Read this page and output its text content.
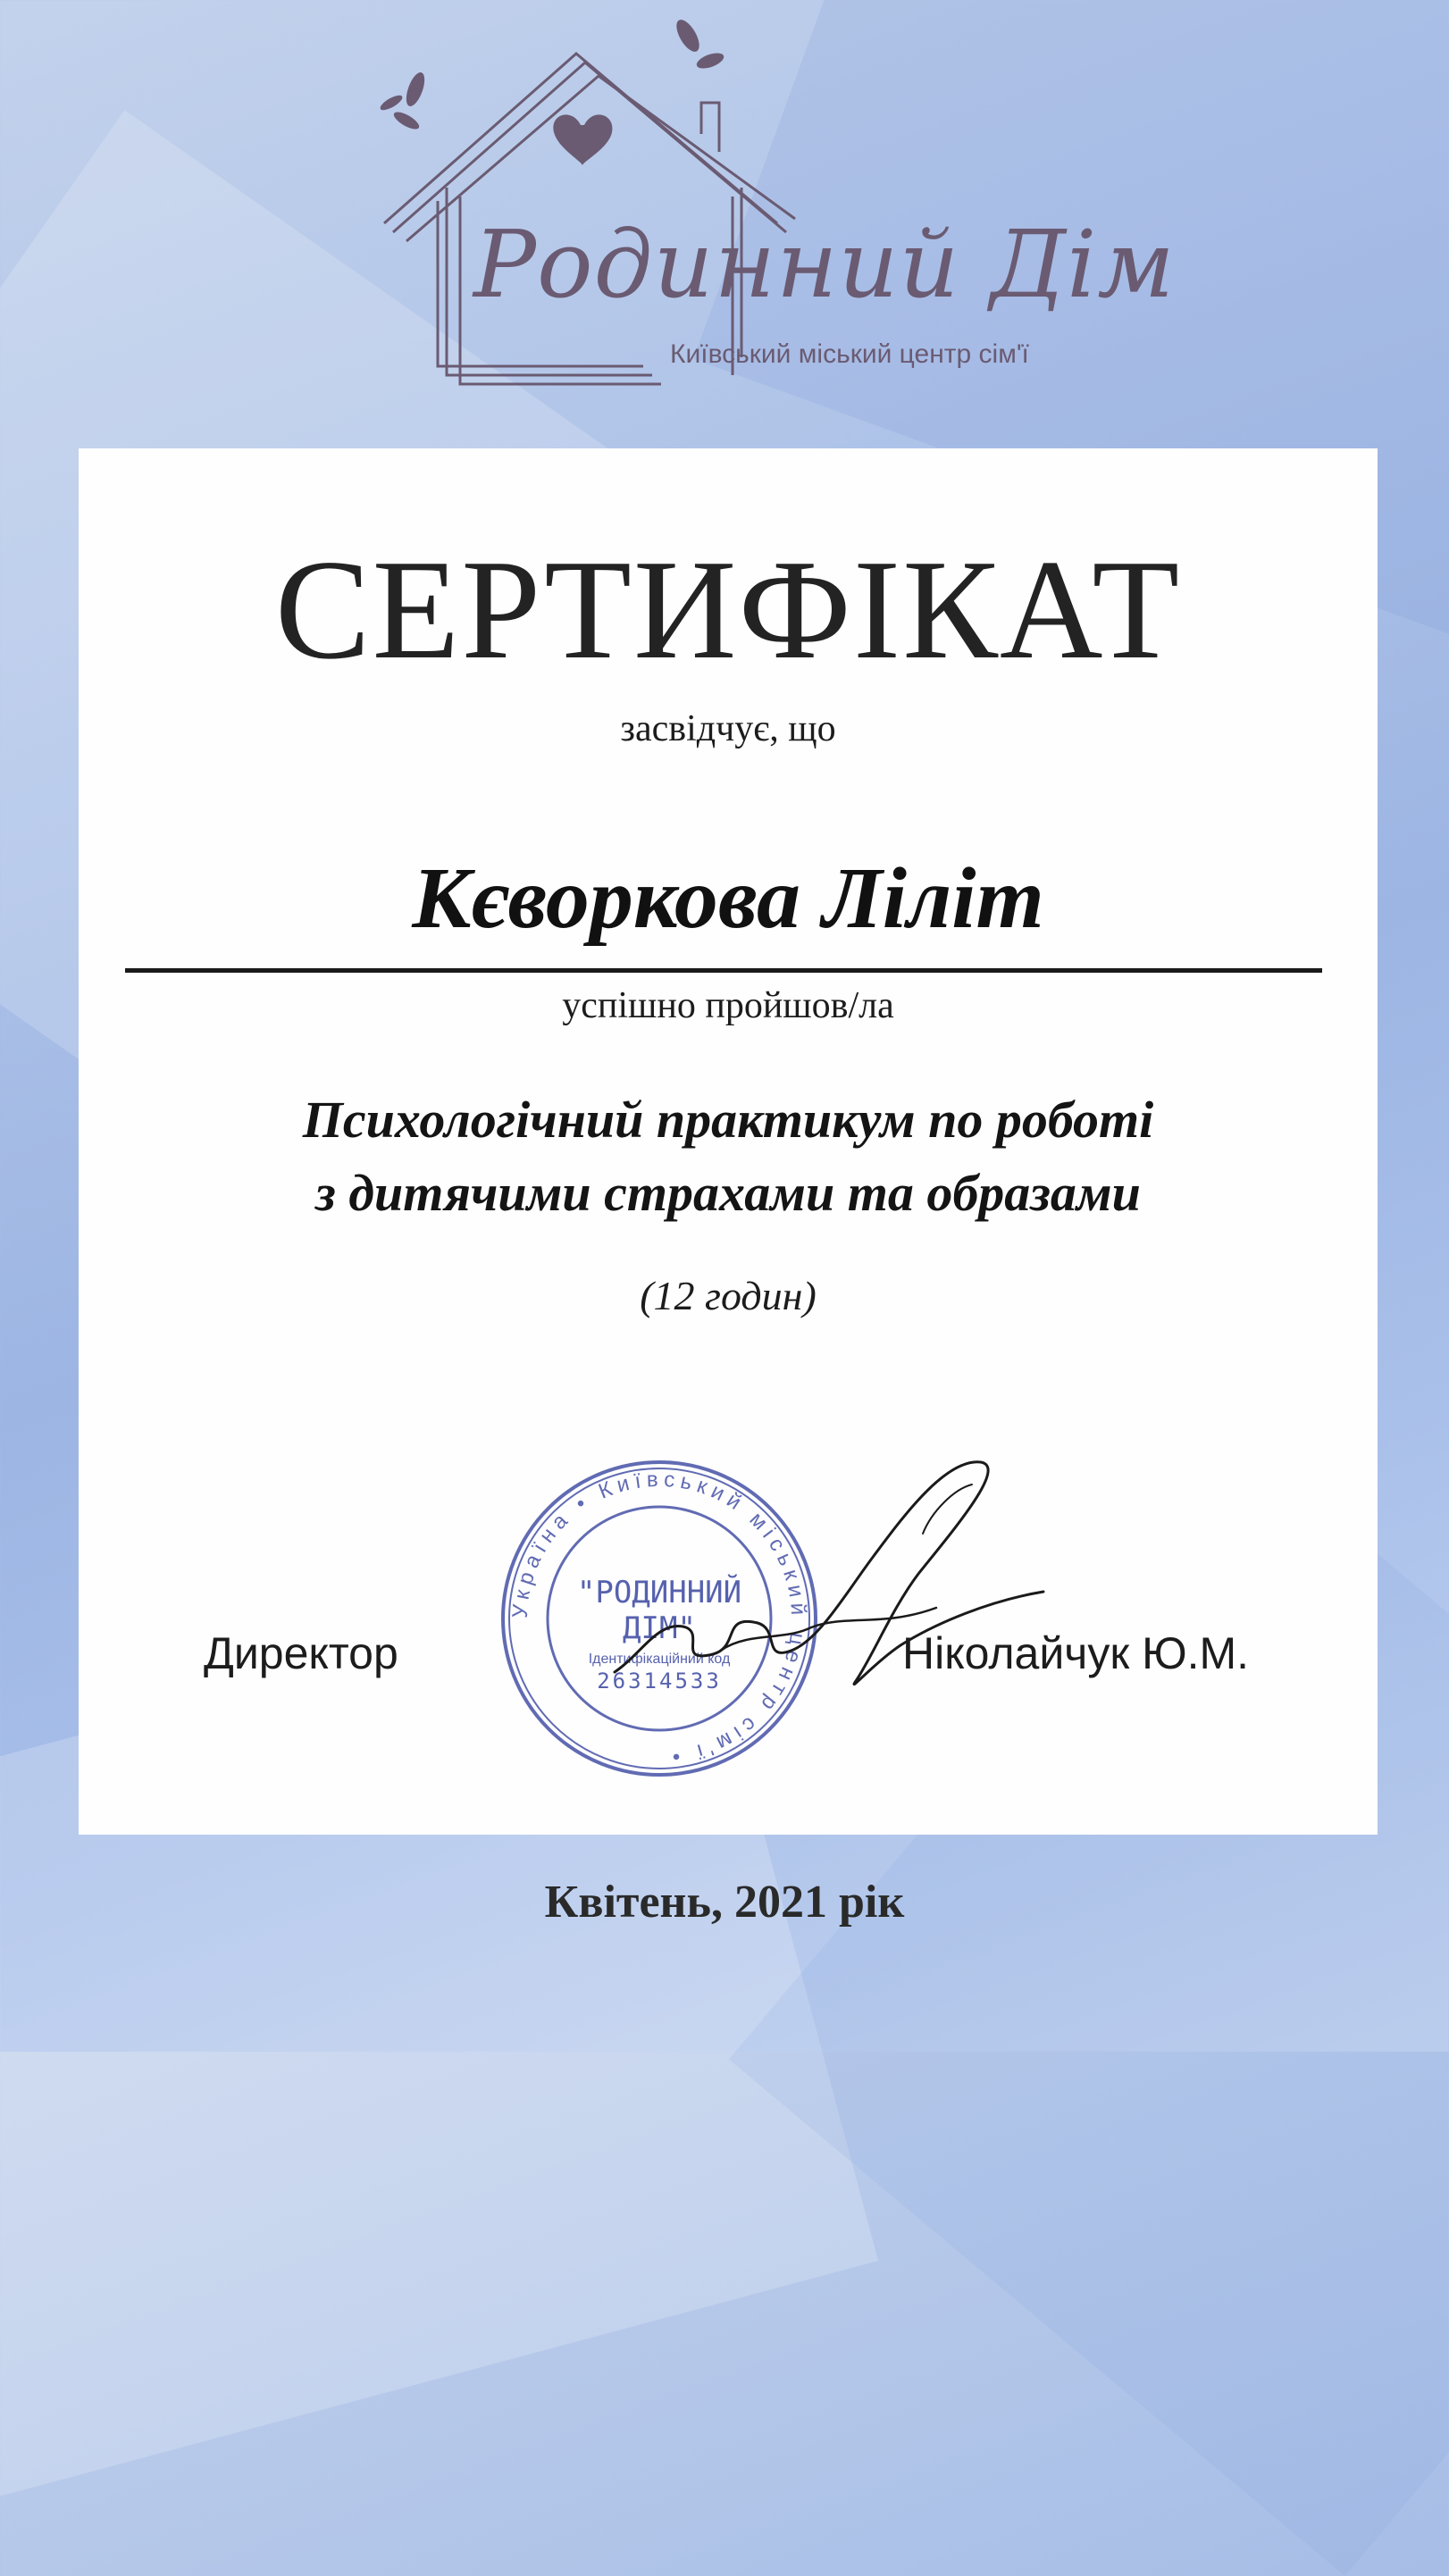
Родинний Дім
Київський міський центр сім'ї
СЕРТИФІКАТ
засвідчує, що
Кєворкова Ліліт
успішно пройшов/ла
Психологічний практикум по роботі
з дитячими страхами та образами
(12 годин)
Директор
Україна • Київський міський центр сім'ї •
"РОДИННИЙ
ДІМ"
Ідентифікаційний код
26314533
Ніколайчук Ю.М.
Квітень, 2021 рік
